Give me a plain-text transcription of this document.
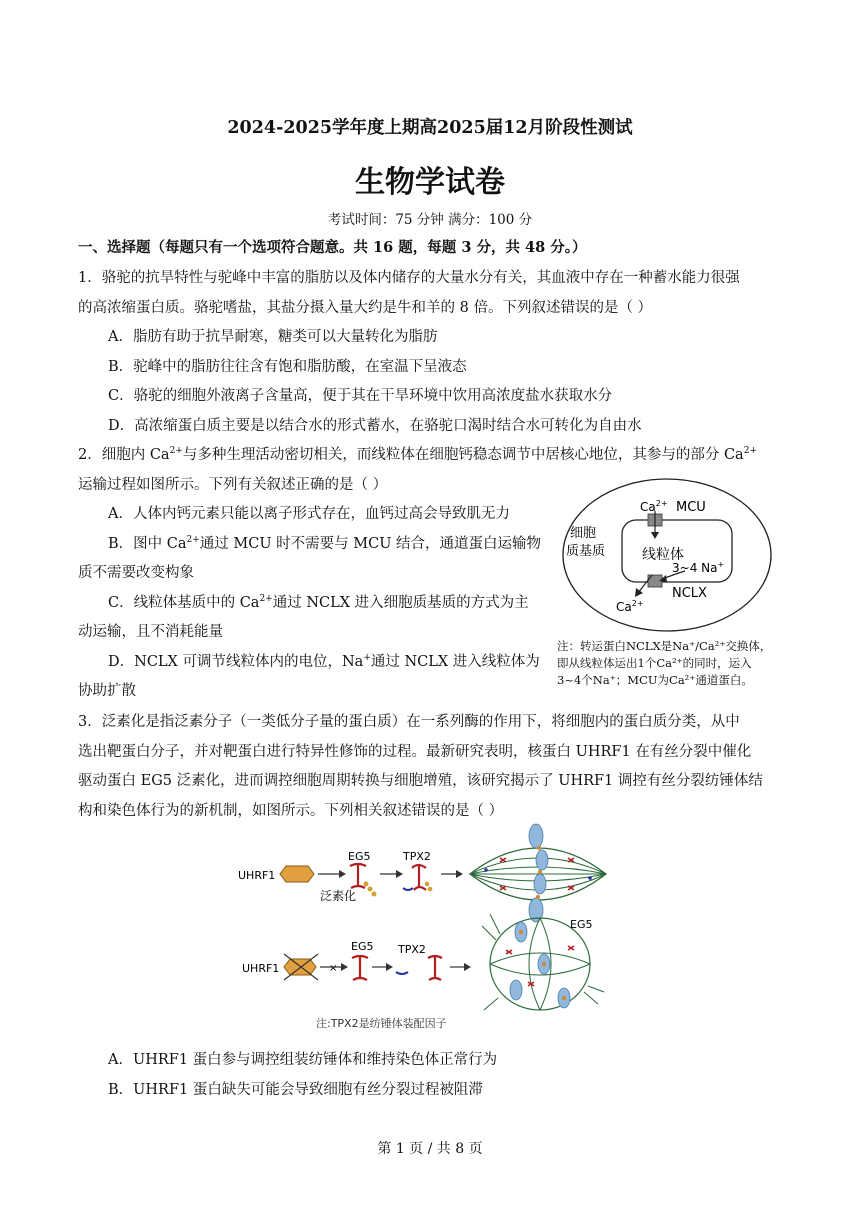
2024-2025学年度上期高2025届12月阶段性测试
生物学试卷
考试时间：75 分钟 满分：100 分
一、选择题（每题只有一个选项符合题意。共 16 题，每题 3 分，共 48 分。）
1．骆驼的抗旱特性与驼峰中丰富的脂肪以及体内储存的大量水分有关，其血液中存在一种蓄水能力很强
的高浓缩蛋白质。骆驼嗜盐，其盐分摄入量大约是牛和羊的 8 倍。下列叙述错误的是（ ）
A．脂肪有助于抗旱耐寒，糖类可以大量转化为脂肪
B．驼峰中的脂肪往往含有饱和脂肪酸，在室温下呈液态
C．骆驼的细胞外液离子含量高，便于其在干旱环境中饮用高浓度盐水获取水分
D．高浓缩蛋白质主要是以结合水的形式蓄水，在骆驼口渴时结合水可转化为自由水
2．细胞内 $Ca^{2+}$与多种生理活动密切相关，而线粒体在细胞钙稳态调节中居核心地位，其参与的部分 $Ca^{2+}$
运输过程如图所示。下列有关叙述正确的是（ ）
A．人体内钙元素只能以离子形式存在，血钙过高会导致肌无力
B．图中 $Ca^{2+}$通过 MCU 时不需要与 MCU 结合，通道蛋白运输物
质不需要改变构象
C．线粒体基质中的 $Ca^{2+}$通过 NCLX 进入细胞质基质的方式为主
动运输，且不消耗能量
D．NCLX 可调节线粒体内的电位，Na+通过 NCLX 进入线粒体为
协助扩散
$Ca^{2+}$ MCU
细胞
质基质	线粒体
3~4 Na+
NCLX
$Ca^{2+}$
注：转运蛋白NCLX是Na⁺/Ca²⁺交换体，
即从线粒体运出1个Ca²⁺的同时，运入
3~4个Na⁺；MCU为Ca²⁺通道蛋白。
3．泛素化是指泛素分子（一类低分子量的蛋白质）在一系列酶的作用下，将细胞内的蛋白质分类，从中
选出靶蛋白分子，并对靶蛋白进行特异性修饰的过程。最新研究表明，核蛋白 UHRF1 在有丝分裂中催化
驱动蛋白 EG5 泛素化，进而调控细胞周期转换与细胞增殖，该研究揭示了 UHRF1 调控有丝分裂纺锤体结
构和染色体行为的新机制，如图所示。下列相关叙述错误的是（ ）
UHRF1
EG5
泛素化
TPX2
UHRF1	×
EG5 TPX2
EG5
注:TPX2是纺锤体装配因子
A．UHRF1 蛋白参与调控组装纺锤体和维持染色体正常行为
B．UHRF1 蛋白缺失可能会导致细胞有丝分裂过程被阻滞
第 1 页 / 共 8 页
